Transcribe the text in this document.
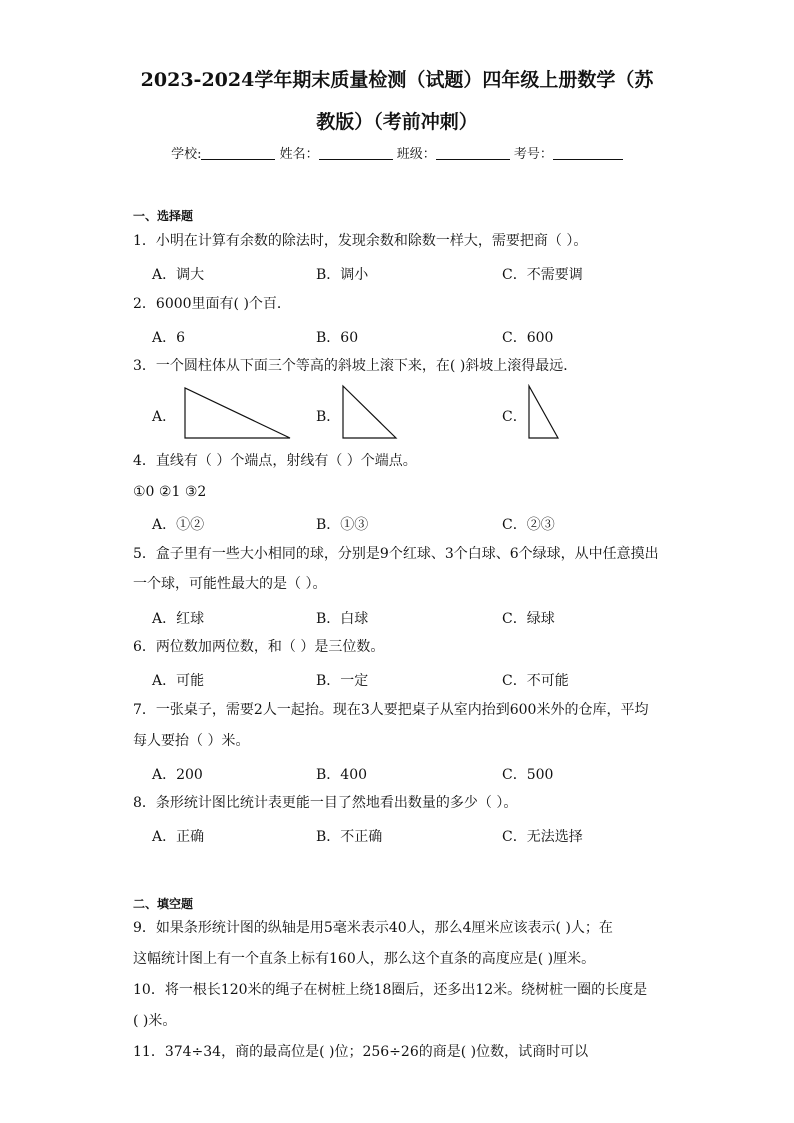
2023-2024学年期末质量检测（试题）四年级上册数学（苏
教版）（考前冲刺）
学校:	姓名：	班级：	考号：
一、选择题
1．小明在计算有余数的除法时，发现余数和除数一样大，需要把商（ ）。
A．调大	B．调小	C．不需要调
2．6000里面有( )个百．
A．6	B．60	C．600
3．一个圆柱体从下面三个等高的斜坡上滚下来，在( )斜坡上滚得最远．
A．	B．	C．
4．直线有（ ）个端点，射线有（ ）个端点。
①0 ②1 ③2
A．①②	B．①③	C．②③
5．盒子里有一些大小相同的球，分别是9个红球、3个白球、6个绿球，从中任意摸出
一个球，可能性最大的是（ ）。
A．红球	B．白球	C．绿球
6．两位数加两位数，和（ ）是三位数。
A．可能	B．一定	C．不可能
7．一张桌子，需要2人一起抬。现在3人要把桌子从室内抬到600米外的仓库，平均
每人要抬（ ）米。
A．200	B．400	C．500
8．条形统计图比统计表更能一目了然地看出数量的多少（ ）。
A．正确	B．不正确	C．无法选择
二、填空题
9．如果条形统计图的纵轴是用5毫米表示40人，那么4厘米应该表示( )人；在
这幅统计图上有一个直条上标有160人，那么这个直条的高度应是( )厘米。
10．将一根长120米的绳子在树桩上绕18圈后，还多出12米。绕树桩一圈的长度是
( )米。
11．374÷34，商的最高位是( )位；256÷26的商是( )位数，试商时可以
